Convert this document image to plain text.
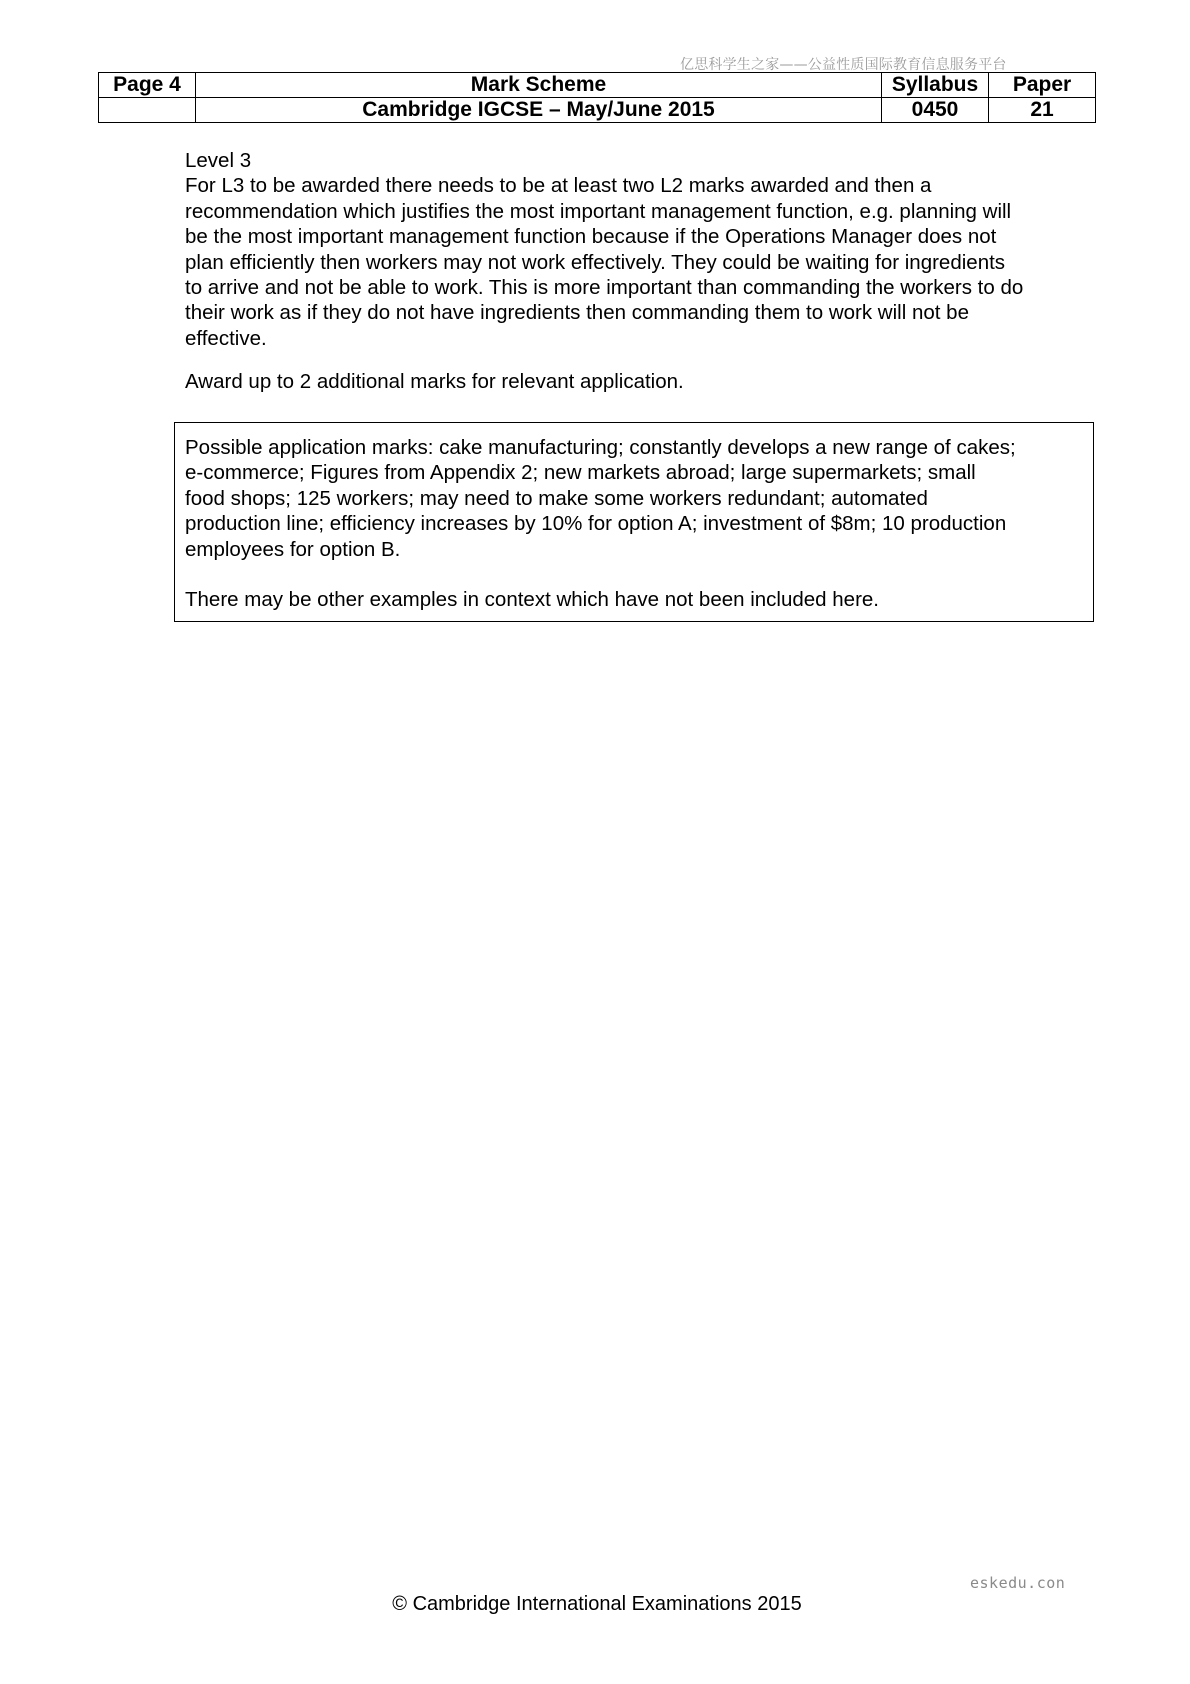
亿思科学生之家——公益性质国际教育信息服务平台
Page 4	Mark Scheme	Syllabus	Paper
	Cambridge IGCSE – May/June 2015	0450	21

Level 3

For L3 to be awarded there needs to be at least two L2 marks awarded and then a

recommendation which justifies the most important management function, e.g. planning will

be the most important management function because if the Operations Manager does not

plan efficiently then workers may not work effectively. They could be waiting for ingredients

to arrive and not be able to work. This is more important than commanding the workers to do

their work as if they do not have ingredients then commanding them to work will not be

effective.

Award up to 2 additional marks for relevant application.

Possible application marks: cake manufacturing; constantly develops a new range of cakes;

e-commerce; Figures from Appendix 2; new markets abroad; large supermarkets; small

food shops; 125 workers; may need to make some workers redundant; automated

production line; efficiency increases by 10% for option A; investment of $8m; 10 production

employees for option B.

There may be other examples in context which have not been included here.

eskedu.con
© Cambridge International Examinations 2015
